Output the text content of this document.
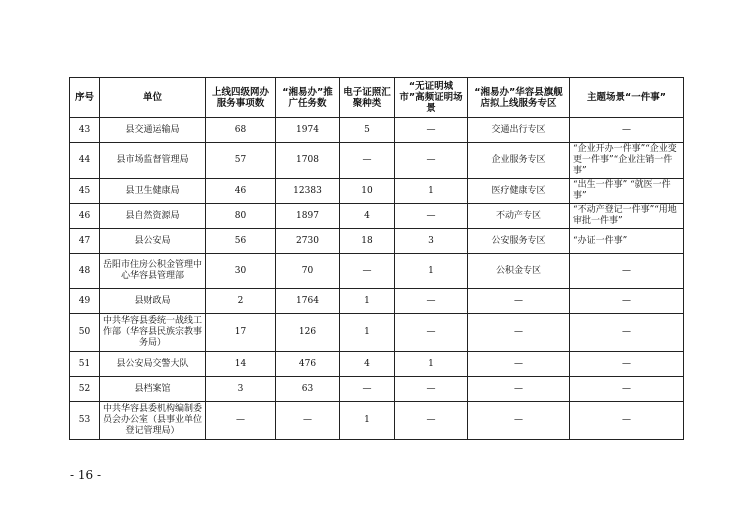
序号	单位	上线四级网办服务事项数	“湘易办”推广任务数	电子证照汇聚种类	“无证明城市”高频证明场景	“湘易办”华容县旗舰店拟上线服务专区	主题场景“一件事”
43	县交通运输局	68	1974	5	—	交通出行专区	—
44	县市场监督管理局	57	1708	—	—	企业服务专区	“企业开办一件事”“企业变更一件事”“企业注销一件事”
45	县卫生健康局	46	12383	10	1	医疗健康专区	“出生一件事” “就医一件事”
46	县自然资源局	80	1897	4	—	不动产专区	“不动产登记一件事”“用地审批一件事”
47	县公安局	56	2730	18	3	公安服务专区	“办证一件事”
48	岳阳市住房公积金管理中心华容县管理部	30	70	—	1	公积金专区	—
49	县财政局	2	1764	1	—	—	—
50	中共华容县委统一战线工作部（华容县民族宗教事务局）	17	126	1	—	—	—
51	县公安局交警大队	14	476	4	1	—	—
52	县档案馆	3	63	—	—	—	—
53	中共华容县委机构编制委员会办公室（县事业单位登记管理局）	—	—	1	—	—	—
- 16 -
